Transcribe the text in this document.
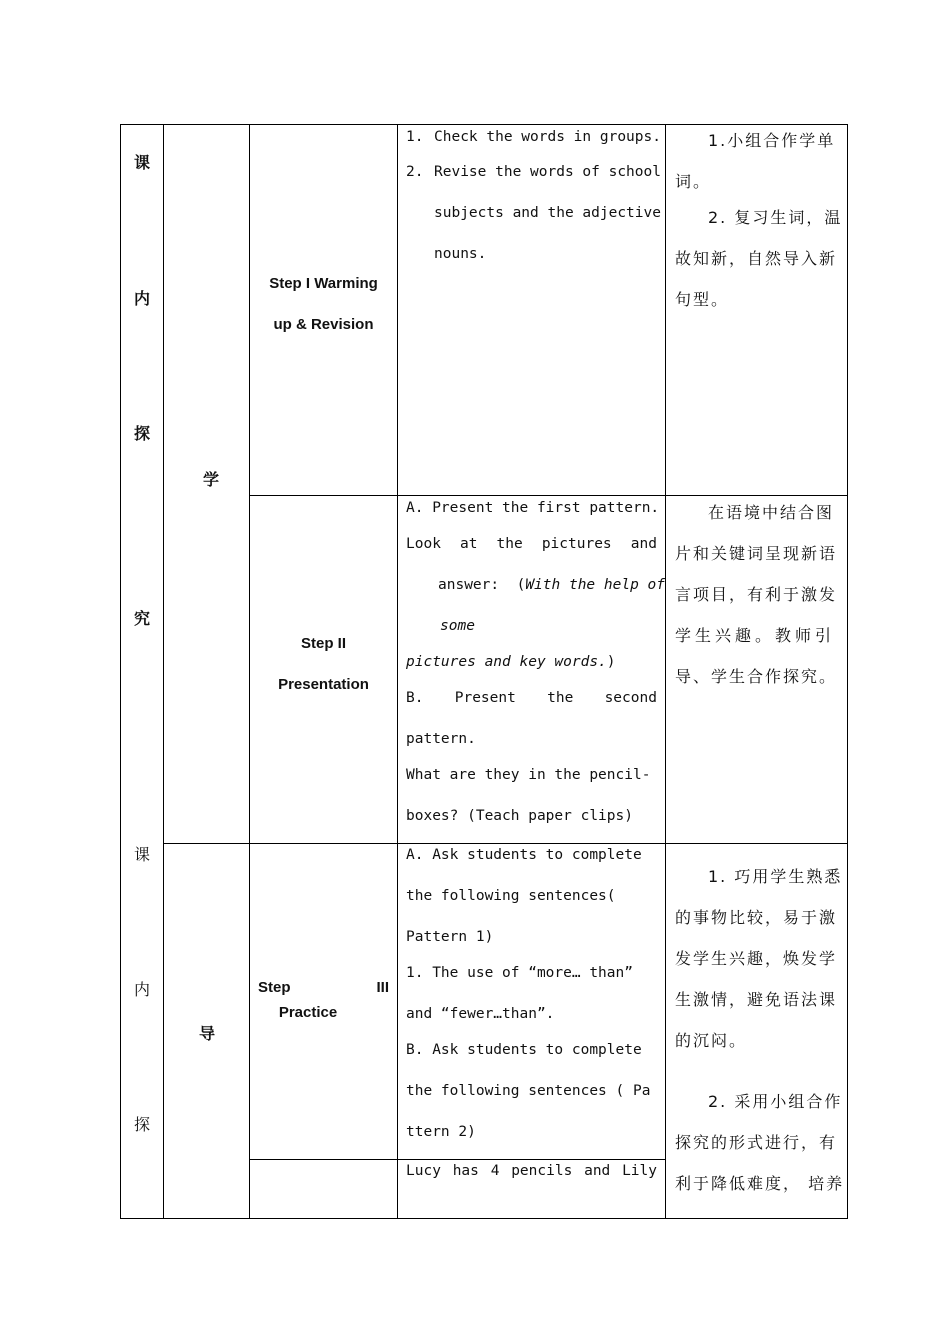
课
内
探
究
课
内
探
学
导
Step I Warming
up & Revision
Step II
Presentation
Step	III
Practice
1. Check the words in groups.
2. Revise the words of school
subjects and the adjective
nouns.
A. Present the first pattern.
Look at the pictures and
answer:  (With the help of
some
pictures and key words.)
B. Present the second
pattern.
What are they in the pencil-
boxes? (Teach paper clips)
A. Ask students to complete
the following sentences(
Pattern 1)
1. The use of “more… than”
and “fewer…than”.
B. Ask students to complete
the following sentences ( Pa
ttern 2)
Lucy has 4 pencils and Lily
1.小组合作学单
词。
2. 复习生词，温
故知新，自然导入新
句型。
在语境中结合图
片和关键词呈现新语
言项目，有利于激发
学生兴趣。教师引
导、学生合作探究。
1. 巧用学生熟悉
的事物比较，易于激
发学生兴趣，焕发学
生激情，避免语法课
的沉闷。
2. 采用小组合作
探究的形式进行，有
利于降低难度， 培养
